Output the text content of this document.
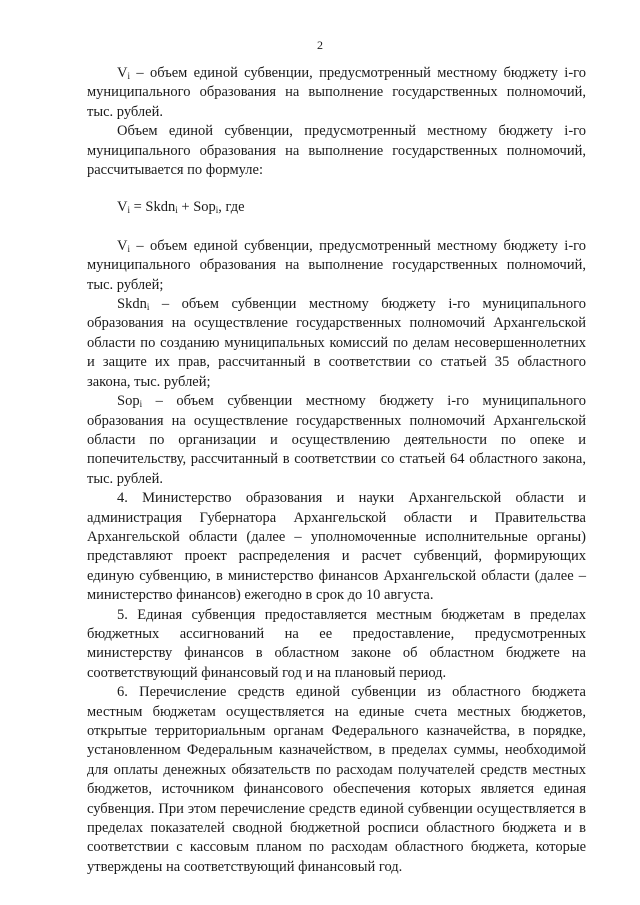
2

$V_i$ – объем единой субвенции, предусмотренный местному бюджету i-го муниципального образования на выполнение государственных полномочий, тыс. рублей.

Объем единой субвенции, предусмотренный местному бюджету i-го муниципального образования на выполнение государственных полномочий, рассчитывается по формуле:

$V_i$ = Skdn$_i$ + Sop$_i$, где

$V_i$ – объем единой субвенции, предусмотренный местному бюджету i-го муниципального образования на выполнение государственных полномочий, тыс. рублей;

Skdn$_i$ – объем субвенции местному бюджету i-го муниципального образования на осуществление государственных полномочий Архангельской области по созданию муниципальных комиссий по делам несовершеннолетних и защите их прав, рассчитанный в соответствии со статьей 35 областного закона, тыс. рублей;

Sop$_i$ – объем субвенции местному бюджету i-го муниципального образования на осуществление государственных полномочий Архангельской области по организации и осуществлению деятельности по опеке и попечительству, рассчитанный в соответствии со статьей 64 областного закона, тыс. рублей.

4. Министерство образования и науки Архангельской области и администрация Губернатора Архангельской области и Правительства Архангельской области (далее – уполномоченные исполнительные органы) представляют проект распределения и расчет субвенций, формирующих единую субвенцию, в министерство финансов Архангельской области (далее – министерство финансов) ежегодно в срок до 10 августа.

5. Единая субвенция предоставляется местным бюджетам в пределах бюджетных ассигнований на ее предоставление, предусмотренных министерству финансов в областном законе об областном бюджете на соответствующий финансовый год и на плановый период.

6. Перечисление средств единой субвенции из областного бюджета местным бюджетам осуществляется на единые счета местных бюджетов, открытые территориальным органам Федерального казначейства, в порядке, установленном Федеральным казначейством, в пределах суммы, необходимой для оплаты денежных обязательств по расходам получателей средств местных бюджетов, источником финансового обеспечения которых является единая субвенция. При этом перечисление средств единой субвенции осуществляется в пределах показателей сводной бюджетной росписи областного бюджета и в соответствии с кассовым планом по расходам областного бюджета, которые утверждены на соответствующий финансовый год.
